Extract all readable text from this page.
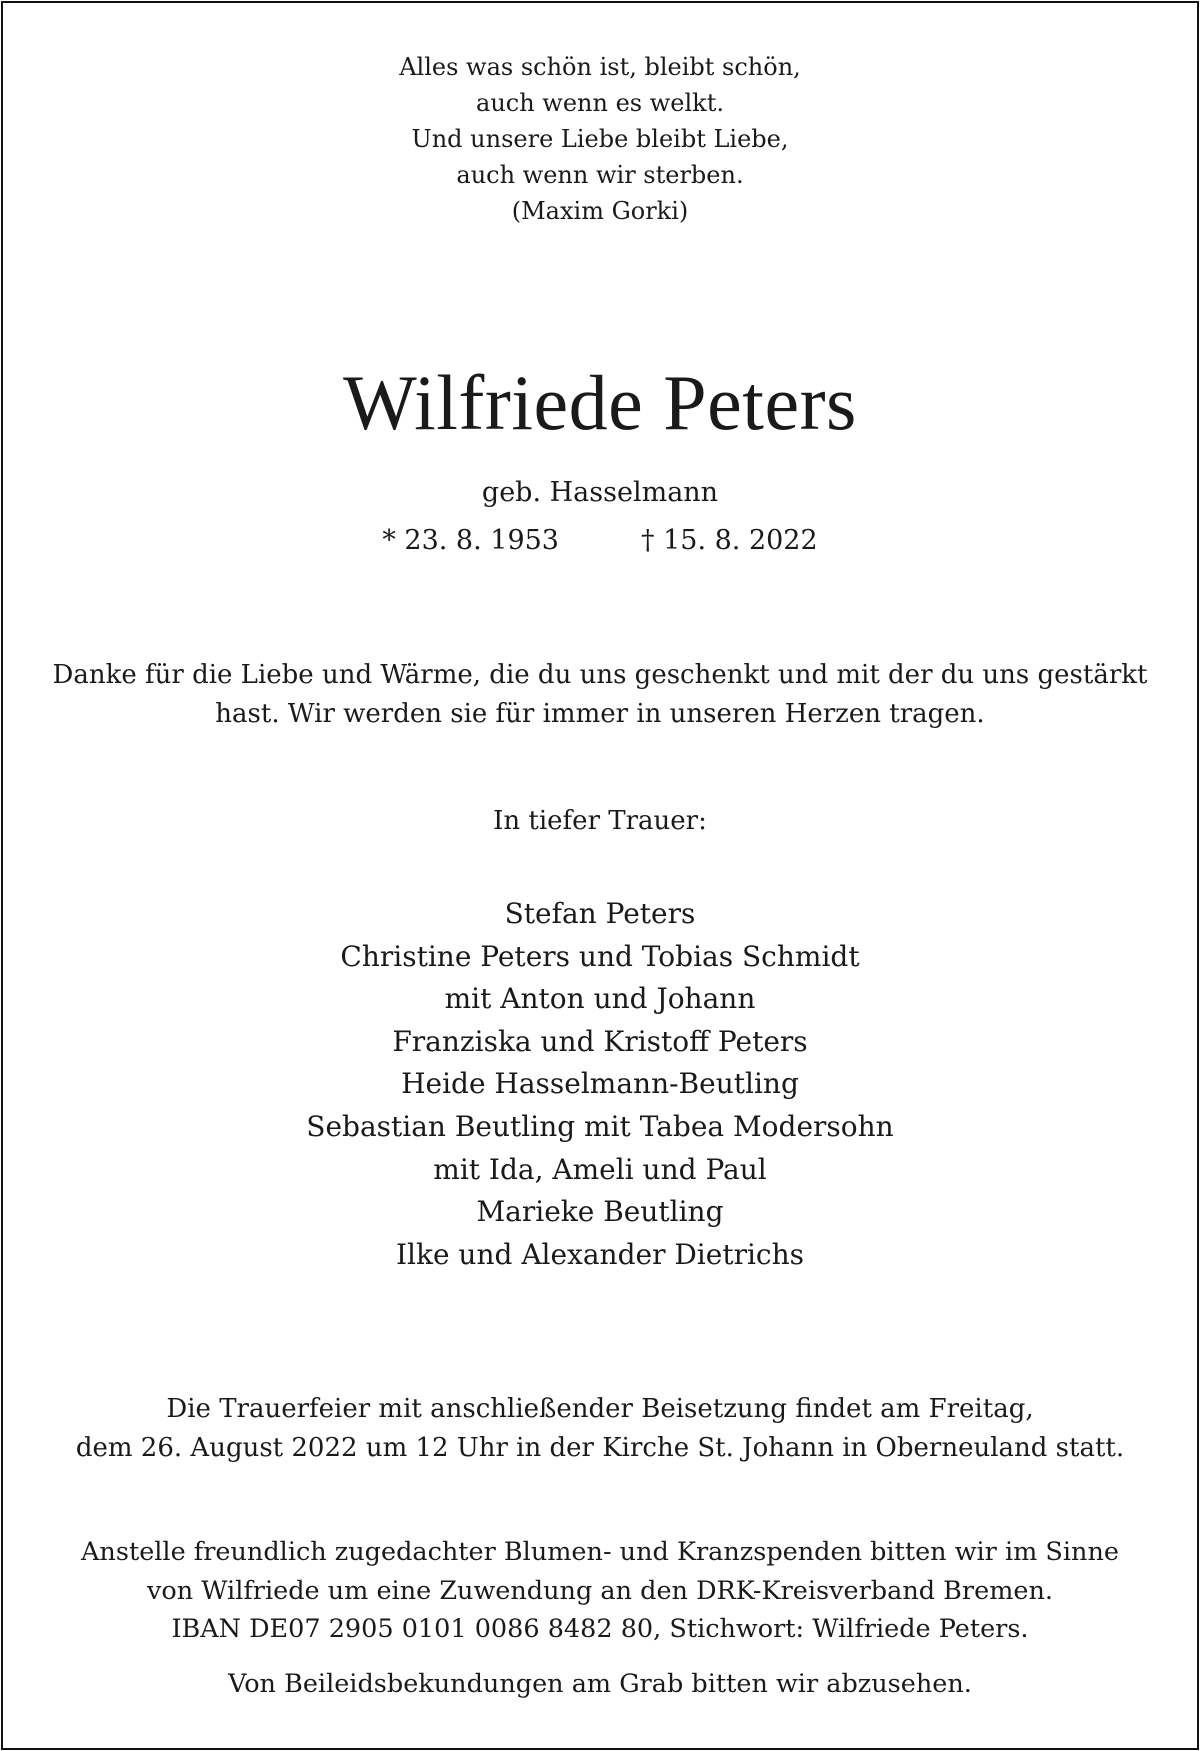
Alles was schön ist, bleibt schön,
auch wenn es welkt.
Und unsere Liebe bleibt Liebe,
auch wenn wir sterben.
(Maxim Gorki)
Wilfriede Peters
geb. Hasselmann
* 23. 8. 1953	† 15. 8. 2022
Danke für die Liebe und Wärme, die du uns geschenkt und mit der du uns gestärkt
hast. Wir werden sie für immer in unseren Herzen tragen.
In tiefer Trauer:
Stefan Peters
Christine Peters und Tobias Schmidt
mit Anton und Johann
Franziska und Kristoff Peters
Heide Hasselmann-Beutling
Sebastian Beutling mit Tabea Modersohn
mit Ida, Ameli und Paul
Marieke Beutling
Ilke und Alexander Dietrichs
Die Trauerfeier mit anschließender Beisetzung findet am Freitag,
dem 26. August 2022 um 12 Uhr in der Kirche St. Johann in Oberneuland statt.
Anstelle freundlich zugedachter Blumen- und Kranzspenden bitten wir im Sinne
von Wilfriede um eine Zuwendung an den DRK-Kreisverband Bremen.
IBAN DE07 2905 0101 0086 8482 80, Stichwort: Wilfriede Peters.
Von Beileidsbekundungen am Grab bitten wir abzusehen.
